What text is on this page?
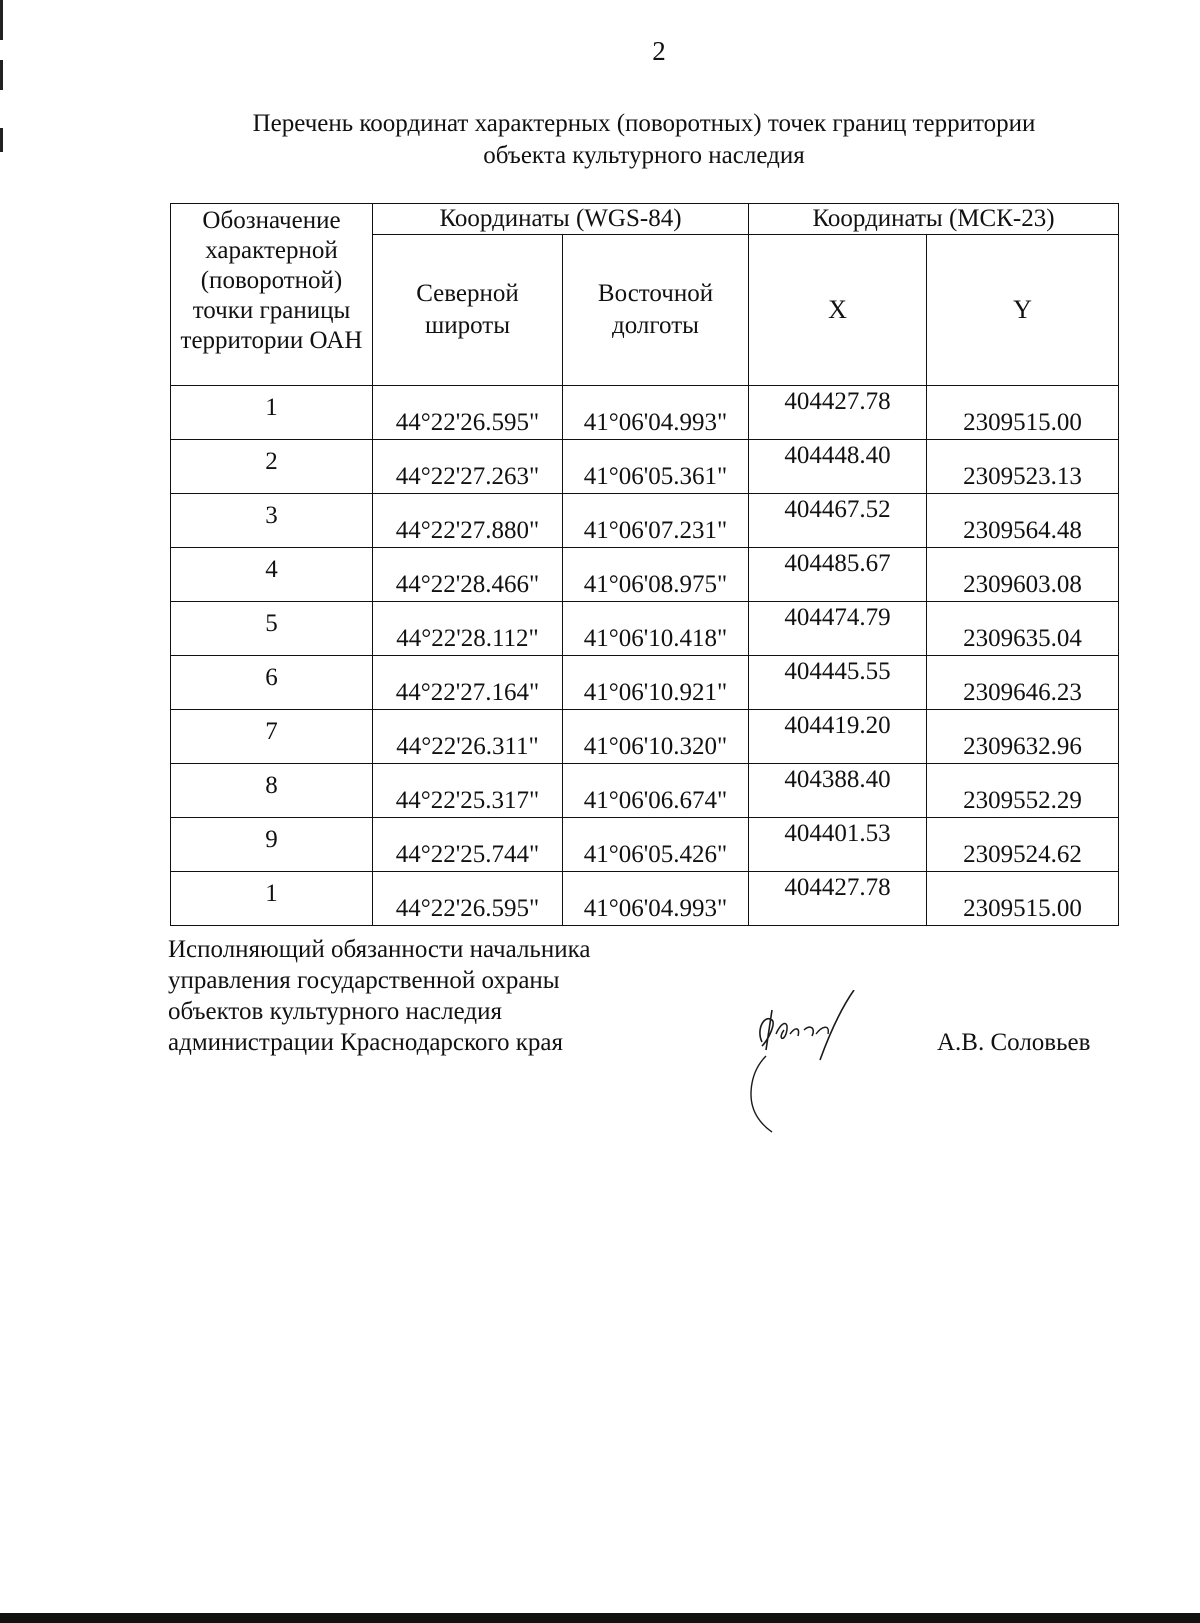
2
Перечень координат характерных (поворотных) точек границ территории
объекта культурного наследия
Обозначение характерной (поворотной) точки границы территории ОАН	Координаты (WGS-84)		Координаты (МСК-23)	
	Северной широты	Восточной долготы	X	Y
1	44°22'26.595"	41°06'04.993"	404427.78	2309515.00
2	44°22'27.263"	41°06'05.361"	404448.40	2309523.13
3	44°22'27.880"	41°06'07.231"	404467.52	2309564.48
4	44°22'28.466"	41°06'08.975"	404485.67	2309603.08
5	44°22'28.112"	41°06'10.418"	404474.79	2309635.04
6	44°22'27.164"	41°06'10.921"	404445.55	2309646.23
7	44°22'26.311"	41°06'10.320"	404419.20	2309632.96
8	44°22'25.317"	41°06'06.674"	404388.40	2309552.29
9	44°22'25.744"	41°06'05.426"	404401.53	2309524.62
1	44°22'26.595"	41°06'04.993"	404427.78	2309515.00
Исполняющий обязанности начальника
управления государственной охраны
объектов культурного наследия
администрации Краснодарского края	А.В. Соловьев
